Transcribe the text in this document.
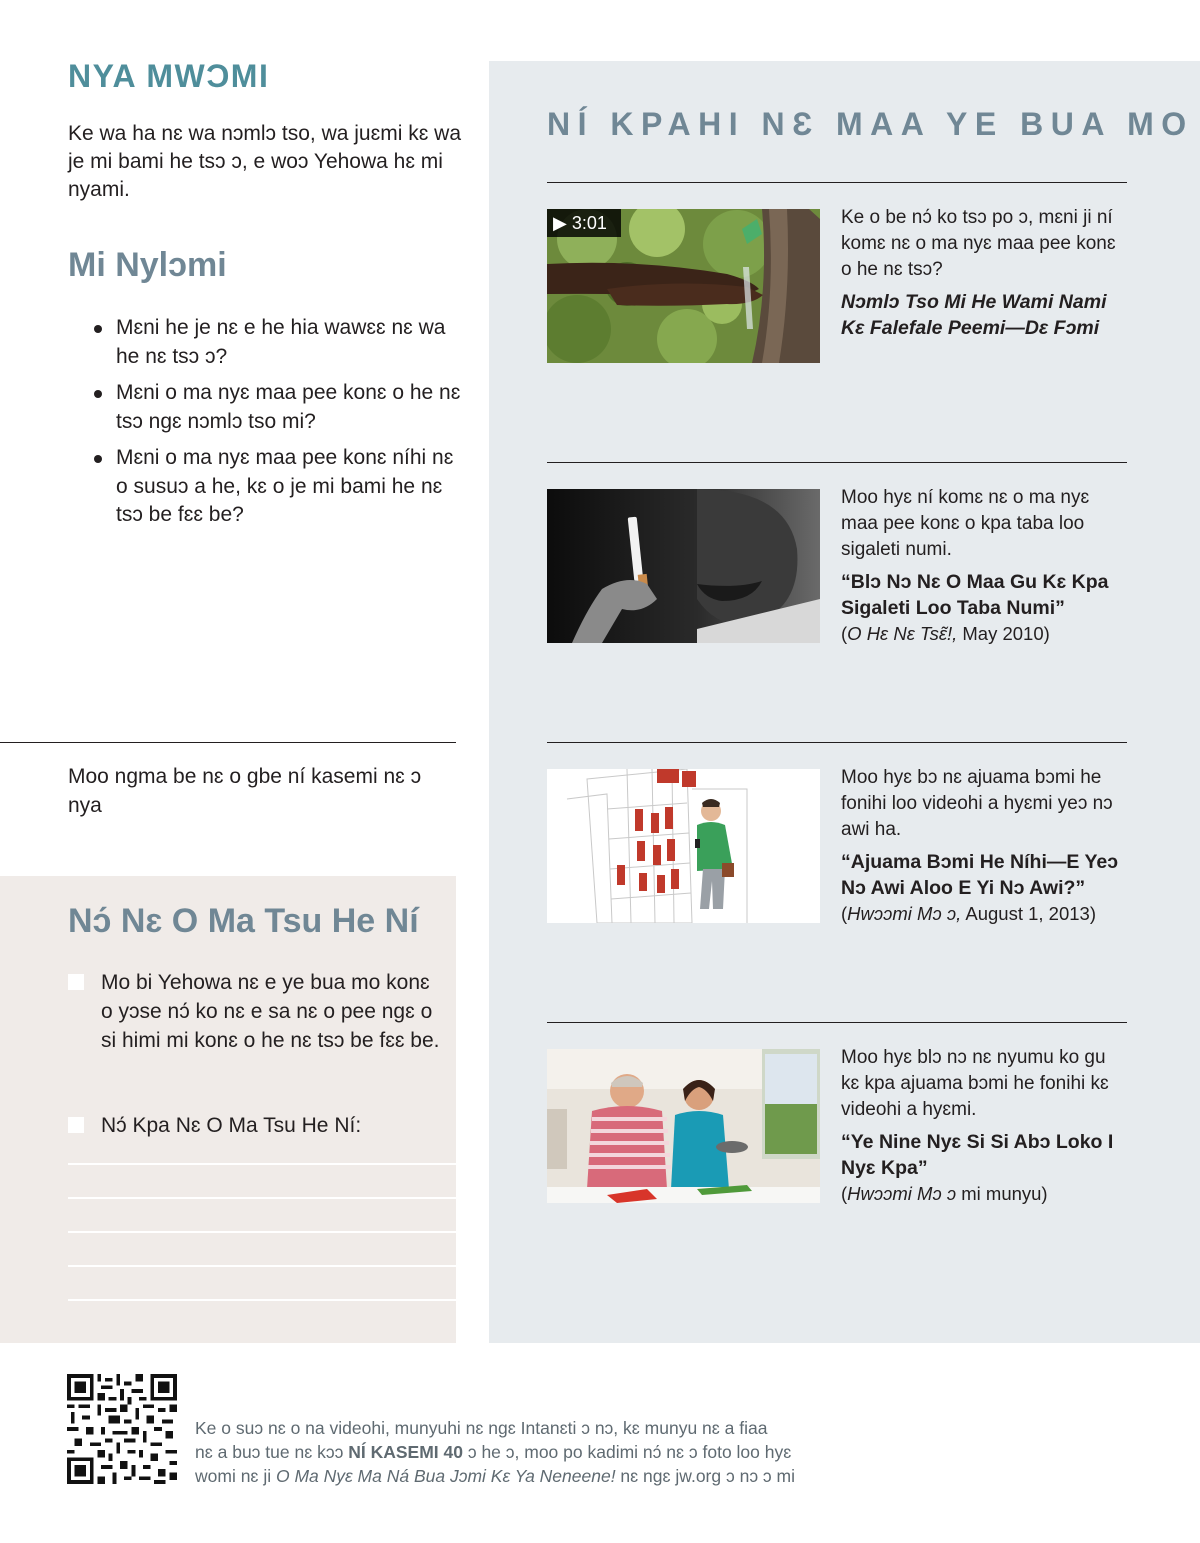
NYA MWƆMI

Ke wa ha nɛ wa nɔmlɔ tso, wa juɛmi kɛ wa je mi bami he tsɔ ɔ, e woɔ Yehowa hɛ mi nyami.

Mi Nylɔmi
Mɛni he je nɛ e he hia wawɛɛ nɛ wa he nɛ tsɔ ɔ?
Mɛni o ma nyɛ maa pee konɛ o he nɛ tsɔ ngɛ nɔmlɔ tso mi?
Mɛni o ma nyɛ maa pee konɛ níhi nɛ o susuɔ a he, kɛ o je mi bami he nɛ tsɔ be fɛɛ be?

Moo ngma be nɛ o gbe ní kasemi nɛ ɔ nya

Nɔ́ Nɛ O Ma Tsu He Ní

Mo bi Yehowa nɛ e ye bua mo konɛ o yɔse nɔ́ ko nɛ e sa nɛ o pee ngɛ o si himi mi konɛ o he nɛ tsɔ be fɛɛ be.

Nɔ́ Kpa Nɛ O Ma Tsu He Ní:

NÍ KPAHI NƐ MAA YE BUA MO
▶ 3:01	Ke o be nɔ́ ko tsɔ po ɔ, mɛni ji ní komɛ nɛ o ma nyɛ maa pee konɛ o he nɛ tsɔ?
Nɔmlɔ Tso Mi He Wami Nami Kɛ Falefale Peemi—Dɛ Fɔmi

Moo hyɛ ní komɛ nɛ o ma nyɛ maa pee konɛ o kpa taba loo sigaleti numi.
“Blɔ Nɔ Nɛ O Maa Gu Kɛ Kpa Sigaleti Loo Taba Numi”
(O Hɛ Nɛ Tsɛ̃!, May 2010)

Moo hyɛ bɔ nɛ ajuama bɔmi he fonihi loo videohi a hyɛmi yeɔ nɔ awi ha.
“Ajuama Bɔmi He Níhi—E Yeɔ Nɔ Awi Aloo E Yi Nɔ Awi?”
(Hwɔɔmi Mɔ ɔ, August 1, 2013)

Moo hyɛ blɔ nɔ nɛ nyumu ko gu kɛ kpa ajuama bɔmi he fonihi kɛ videohi a hyɛmi.
“Ye Nine Nyɛ Si Si Abɔ Loko I Nyɛ Kpa”
(Hwɔɔmi Mɔ ɔ mi munyu)

Ke o suɔ nɛ o na videohi, munyuhi nɛ ngɛ Intanɛti ɔ nɔ, kɛ munyu nɛ a fiaa
nɛ a buɔ tue nɛ kɔɔ NÍ KASEMI 40 ɔ he ɔ, moo po kadimi nɔ́ nɛ ɔ foto loo hyɛ
womi nɛ ji O Ma Nyɛ Ma Ná Bua Jɔmi Kɛ Ya Neneene! nɛ ngɛ jw.org ɔ nɔ ɔ mi
